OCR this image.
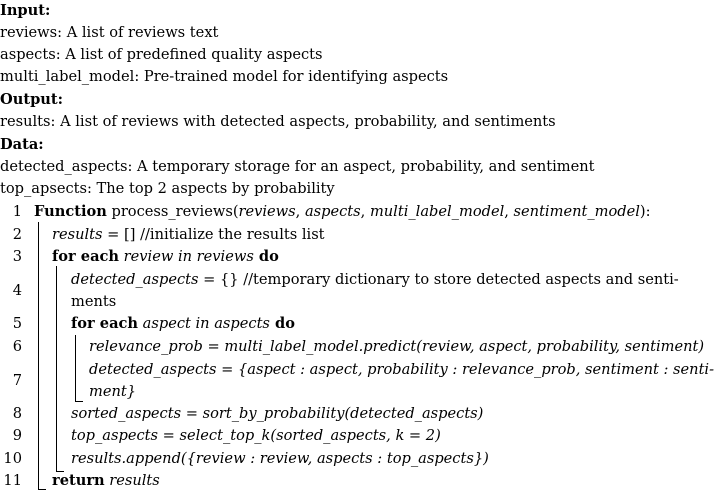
Input:
reviews: A list of reviews text
aspects: A list of predefined quality aspects
multi_label_model: Pre-trained model for identifying aspects
Output:
results: A list of reviews with detected aspects, probability, and sentiments
Data:
detected_aspects: A temporary storage for an aspect, probability, and sentiment
top_apsects: The top 2 aspects by probability
1
2
3
4
5
6
7
8
9
10
11
Function process_reviews(reviews, aspects, multi_label_model, sentiment_model):
results = [] //initialize the results list
for each review in reviews do
detected_aspects = {} //temporary dictionary to store detected aspects and senti-
ments
for each aspect in aspects do
relevance_prob = multi_label_model.predict(review, aspect, probability, sentiment)
detected_aspects = {aspect : aspect, probability : relevance_prob, sentiment : senti-
ment}
sorted_aspects = sort_by_probability(detected_aspects)
top_aspects = select_top_k(sorted_aspects, k = 2)
results.append({review : review, aspects : top_aspects})
return results
